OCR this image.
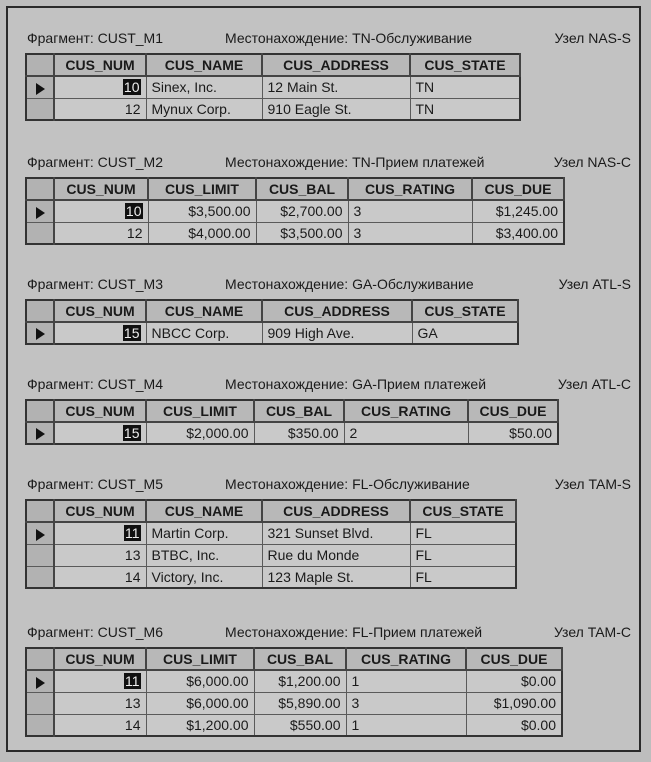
Фрагмент: CUST_M1	Местонахождение: TN-Обслуживание	Узел NAS-S
	CUS_NUM	CUS_NAME	CUS_ADDRESS	CUS_STATE
	10	Sinex, Inc.	12 Main St.	TN
	12	Mynux Corp.	910 Eagle St.	TN
Фрагмент: CUST_M2	Местонахождение: TN-Прием платежей	Узел NAS-C
	CUS_NUM	CUS_LIMIT	CUS_BAL	CUS_RATING	CUS_DUE
	10	$3,500.00	$2,700.00	3	$1,245.00
	12	$4,000.00	$3,500.00	3	$3,400.00
Фрагмент: CUST_M3	Местонахождение: GA-Обслуживание	Узел ATL-S
	CUS_NUM	CUS_NAME	CUS_ADDRESS	CUS_STATE
	15	NBCC Corp.	909 High Ave.	GA
Фрагмент: CUST_M4	Местонахождение: GA-Прием платежей	Узел ATL-C
	CUS_NUM	CUS_LIMIT	CUS_BAL	CUS_RATING	CUS_DUE
	15	$2,000.00	$350.00	2	$50.00
Фрагмент: CUST_M5	Местонахождение: FL-Обслуживание	Узел TAM-S
	CUS_NUM	CUS_NAME	CUS_ADDRESS	CUS_STATE
	11	Martin Corp.	321 Sunset Blvd.	FL
	13	BTBC, Inc.	Rue du Monde	FL
	14	Victory, Inc.	123 Maple St.	FL
Фрагмент: CUST_M6	Местонахождение: FL-Прием платежей	Узел TAM-C
	CUS_NUM	CUS_LIMIT	CUS_BAL	CUS_RATING	CUS_DUE
	11	$6,000.00	$1,200.00	1	$0.00
	13	$6,000.00	$5,890.00	3	$1,090.00
	14	$1,200.00	$550.00	1	$0.00
